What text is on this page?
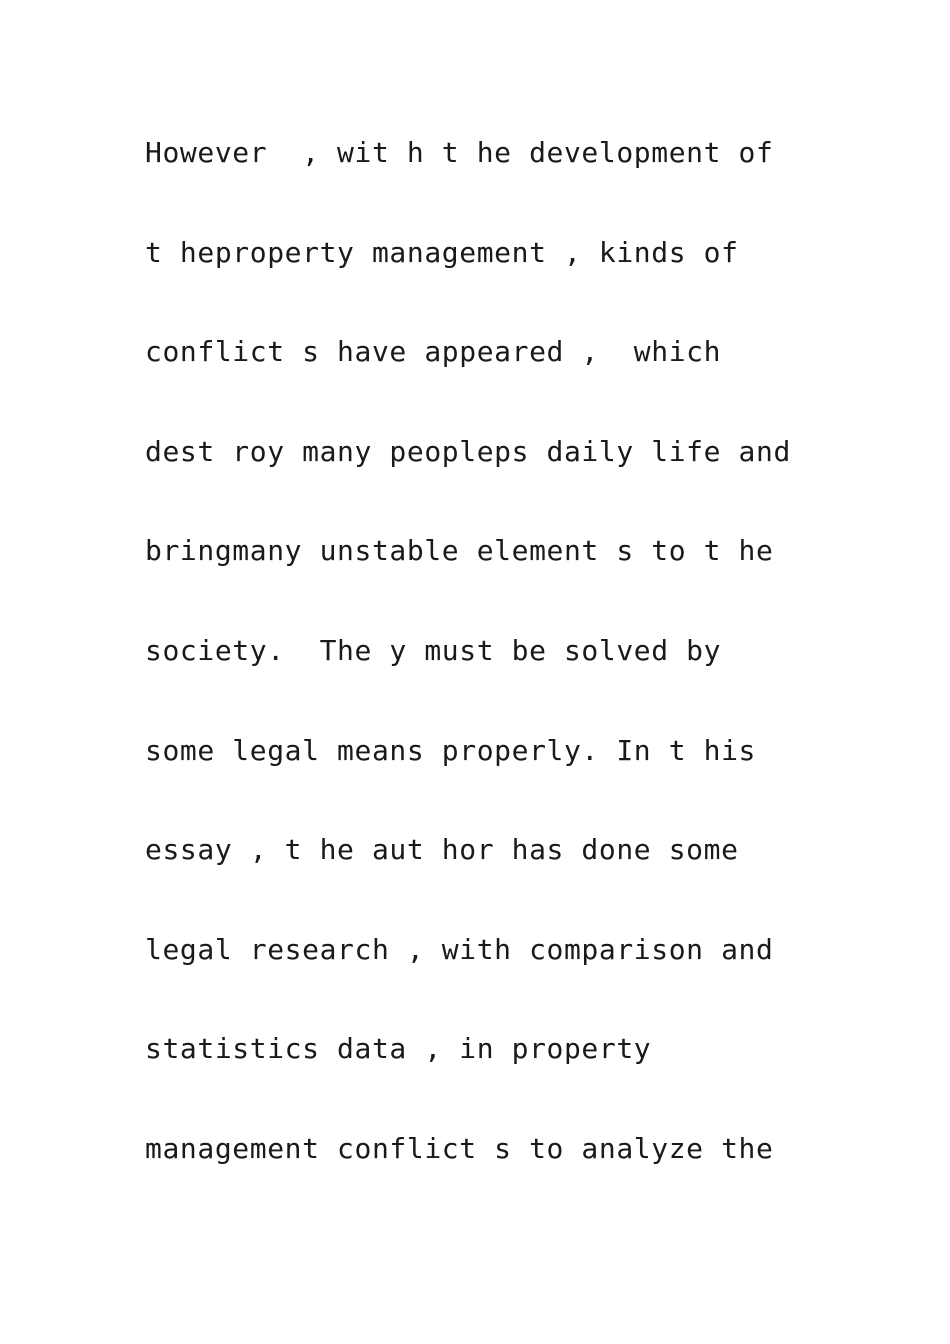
However  , wit h t he development of
t heproperty management , kinds of
conflict s have appeared ,  which
dest roy many peopleps daily life and
bringmany unstable element s to t he
society.  The y must be solved by
some legal means properly. In t his
essay , t he aut hor has done some
legal research , with comparison and
statistics data , in property
management conflict s to analyze the
